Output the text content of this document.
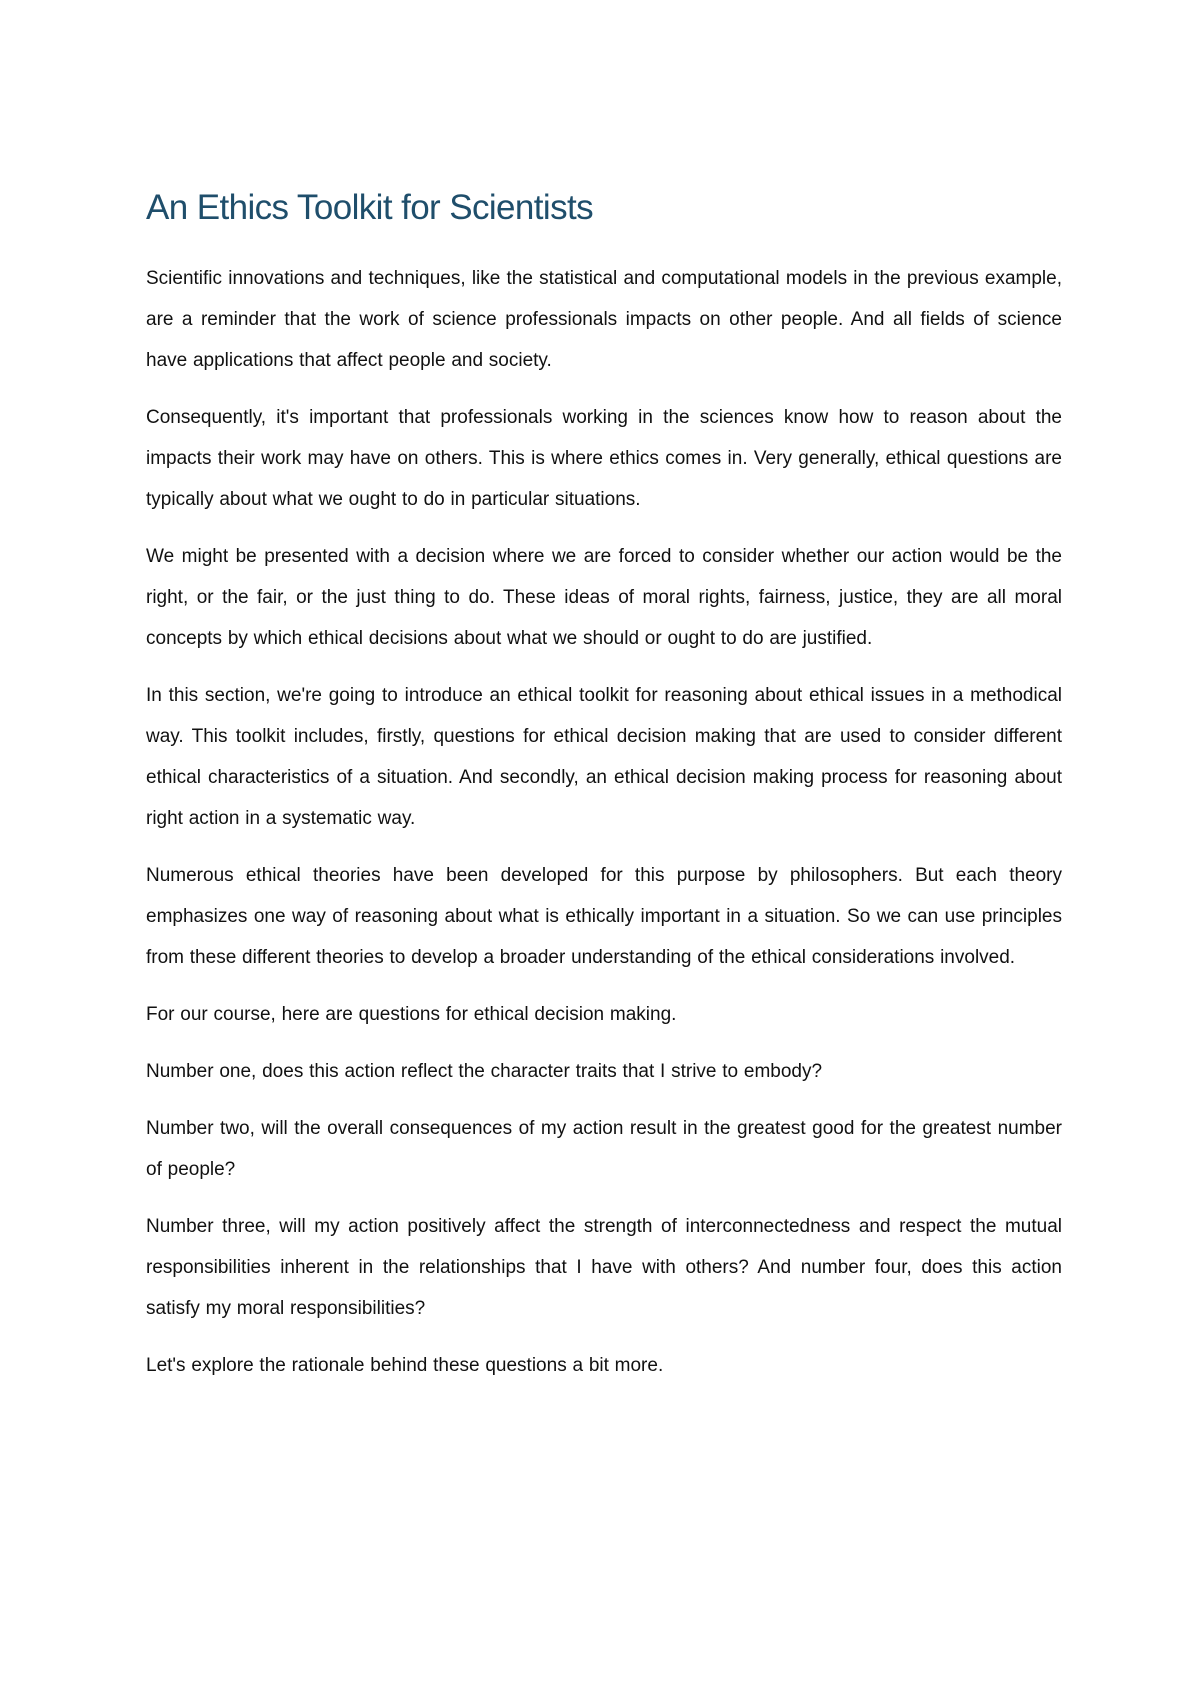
An Ethics Toolkit for Scientists

Scientific innovations and techniques, like the statistical and computational models in the previous example, are a reminder that the work of science professionals impacts on other people. And all fields of science have applications that affect people and society.

Consequently, it's important that professionals working in the sciences know how to reason about the impacts their work may have on others. This is where ethics comes in. Very generally, ethical questions are typically about what we ought to do in particular situations.

We might be presented with a decision where we are forced to consider whether our action would be the right, or the fair, or the just thing to do. These ideas of moral rights, fairness, justice, they are all moral concepts by which ethical decisions about what we should or ought to do are justified.

In this section, we're going to introduce an ethical toolkit for reasoning about ethical issues in a methodical way. This toolkit includes, firstly, questions for ethical decision making that are used to consider different ethical characteristics of a situation. And secondly, an ethical decision making process for reasoning about right action in a systematic way.

Numerous ethical theories have been developed for this purpose by philosophers. But each theory emphasizes one way of reasoning about what is ethically important in a situation. So we can use principles from these different theories to develop a broader understanding of the ethical considerations involved.

For our course, here are questions for ethical decision making.

Number one, does this action reflect the character traits that I strive to embody?

Number two, will the overall consequences of my action result in the greatest good for the greatest number of people?

Number three, will my action positively affect the strength of interconnectedness and respect the mutual responsibilities inherent in the relationships that I have with others? And number four, does this action satisfy my moral responsibilities?

Let's explore the rationale behind these questions a bit more.
